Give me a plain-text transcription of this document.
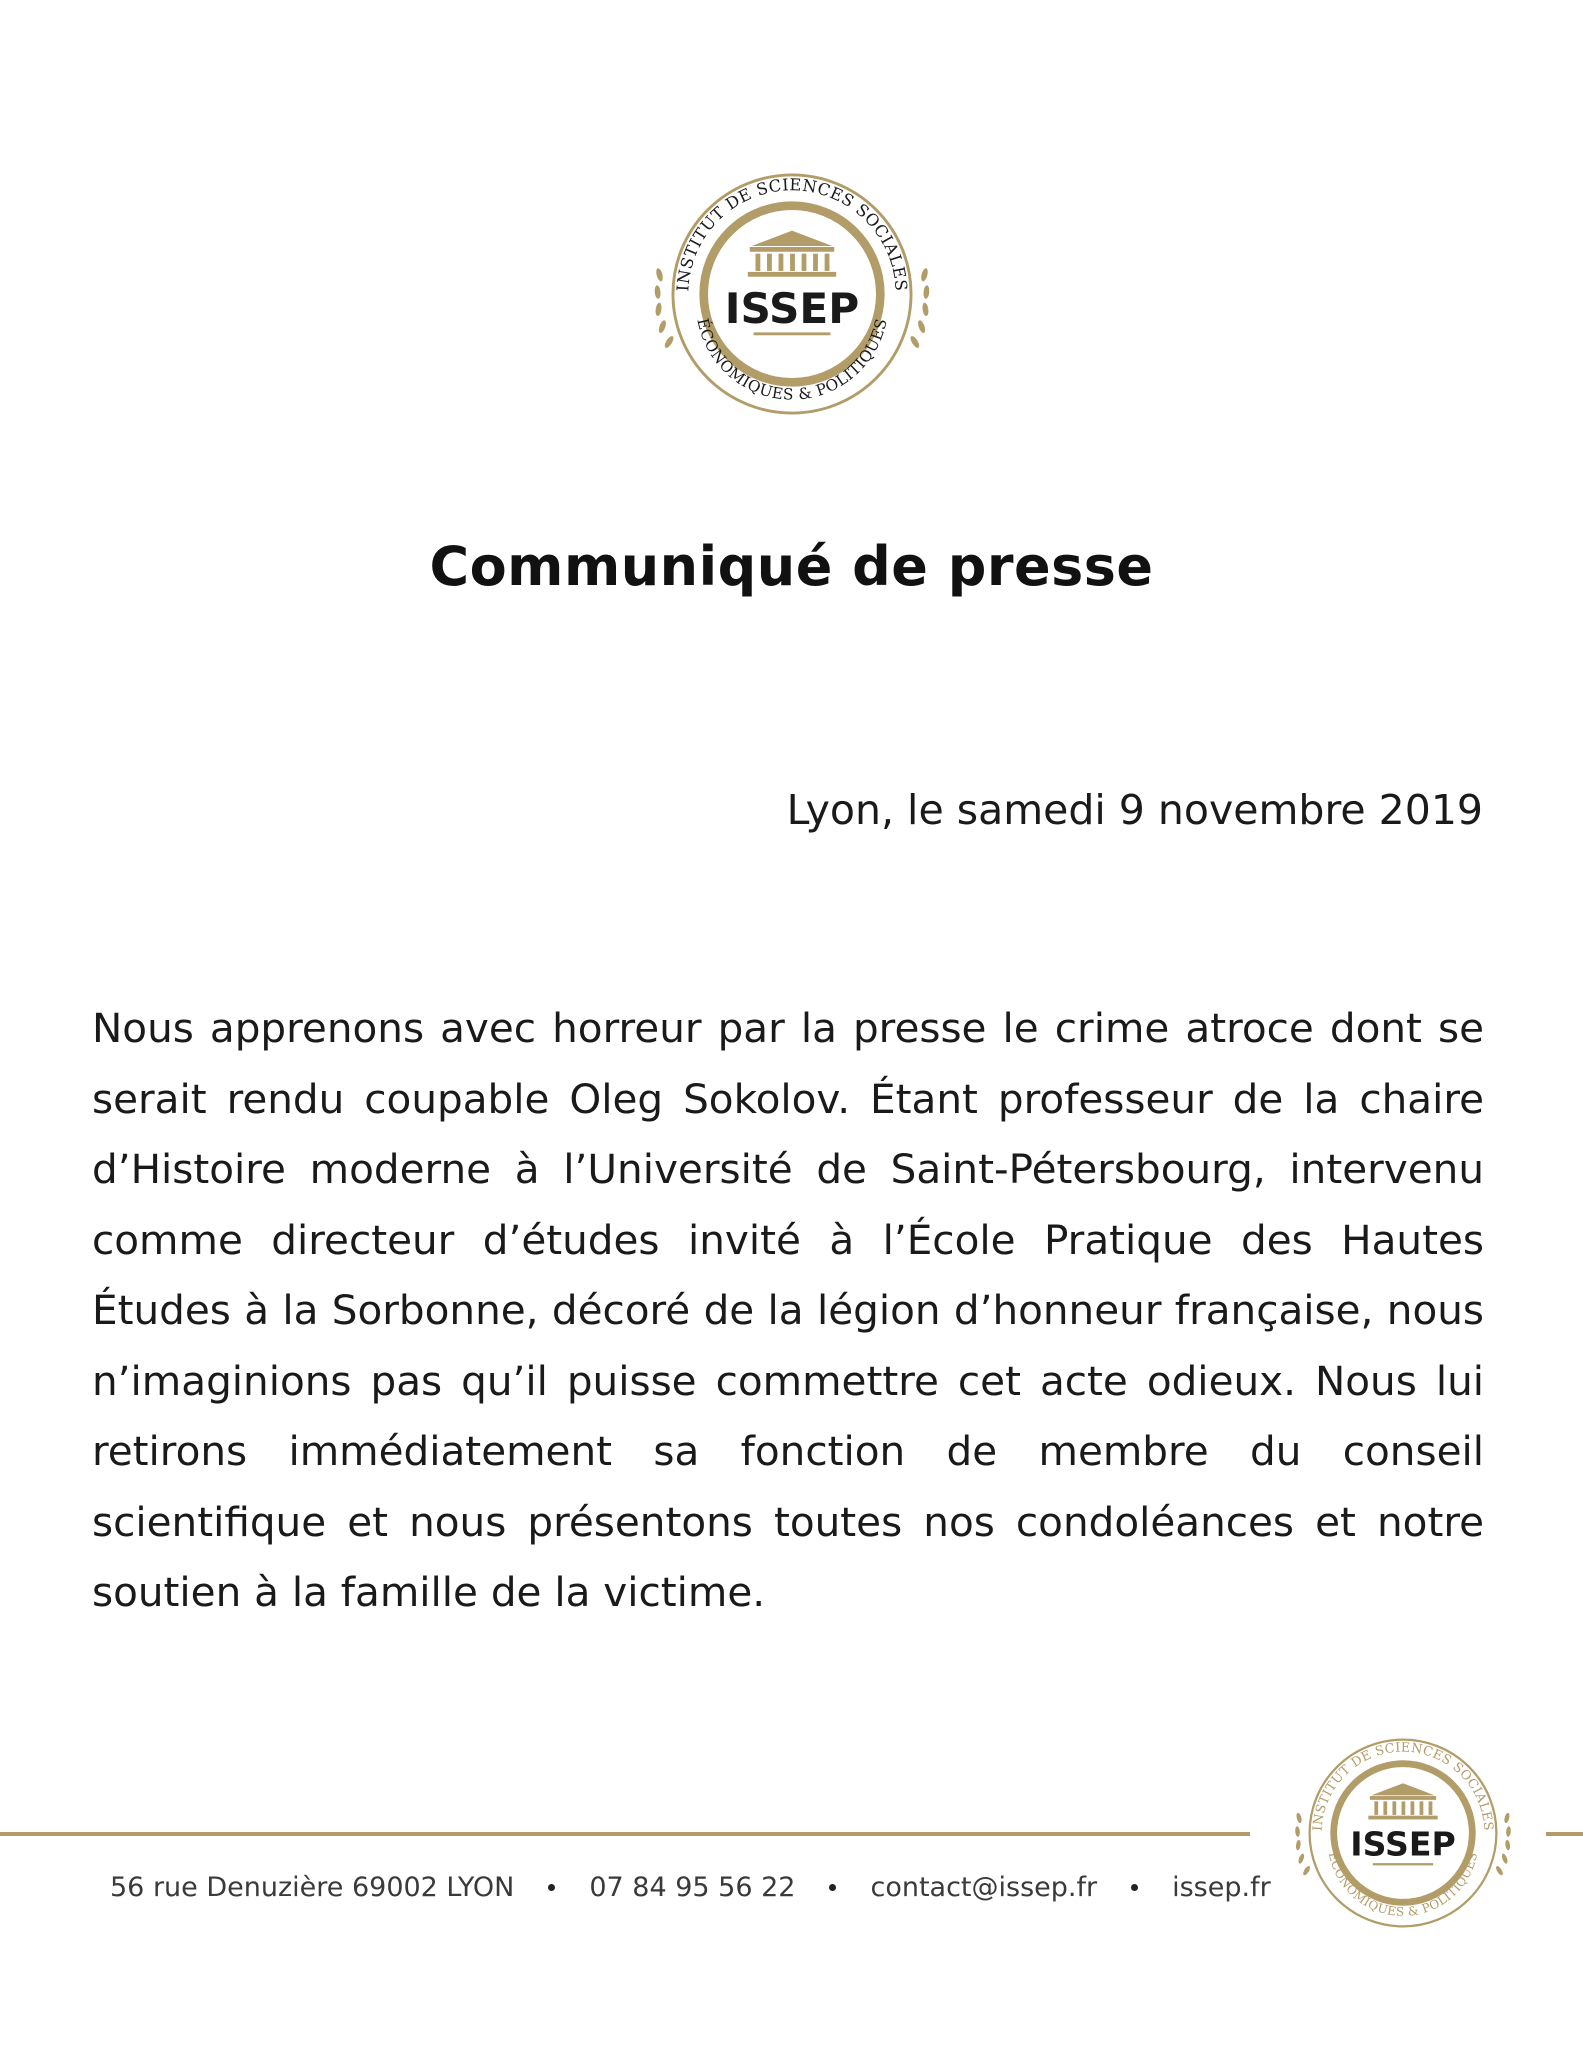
INSTITUT DE SCIENCES SOCIALES
ÉCONOMIQUES & POLITIQUES
ISSEP
Communiqué de presse

Lyon, le samedi 9 novembre 2019

Nous apprenons avec horreur par la presse le crime atroce dont se serait rendu coupable Oleg Sokolov. Étant professeur de la chaire d’Histoire moderne à l’Université de Saint-Pétersbourg, intervenu comme directeur d’études invité à l’École Pratique des Hautes Études à la Sorbonne, décoré de la légion d’honneur française, nous n’imaginions pas qu’il puisse commettre cet acte odieux. Nous lui retirons immédiatement sa fonction de membre du conseil scientifique et nous présentons toutes nos condoléances et notre soutien à la famille de la victime.

INSTITUT DE SCIENCES SOCIALES
ÉCONOMIQUES & POLITIQUES
ISSEP
56 rue Denuzière 69002 LYON	07 84 95 56 22	contact@issep.fr	issep.fr
